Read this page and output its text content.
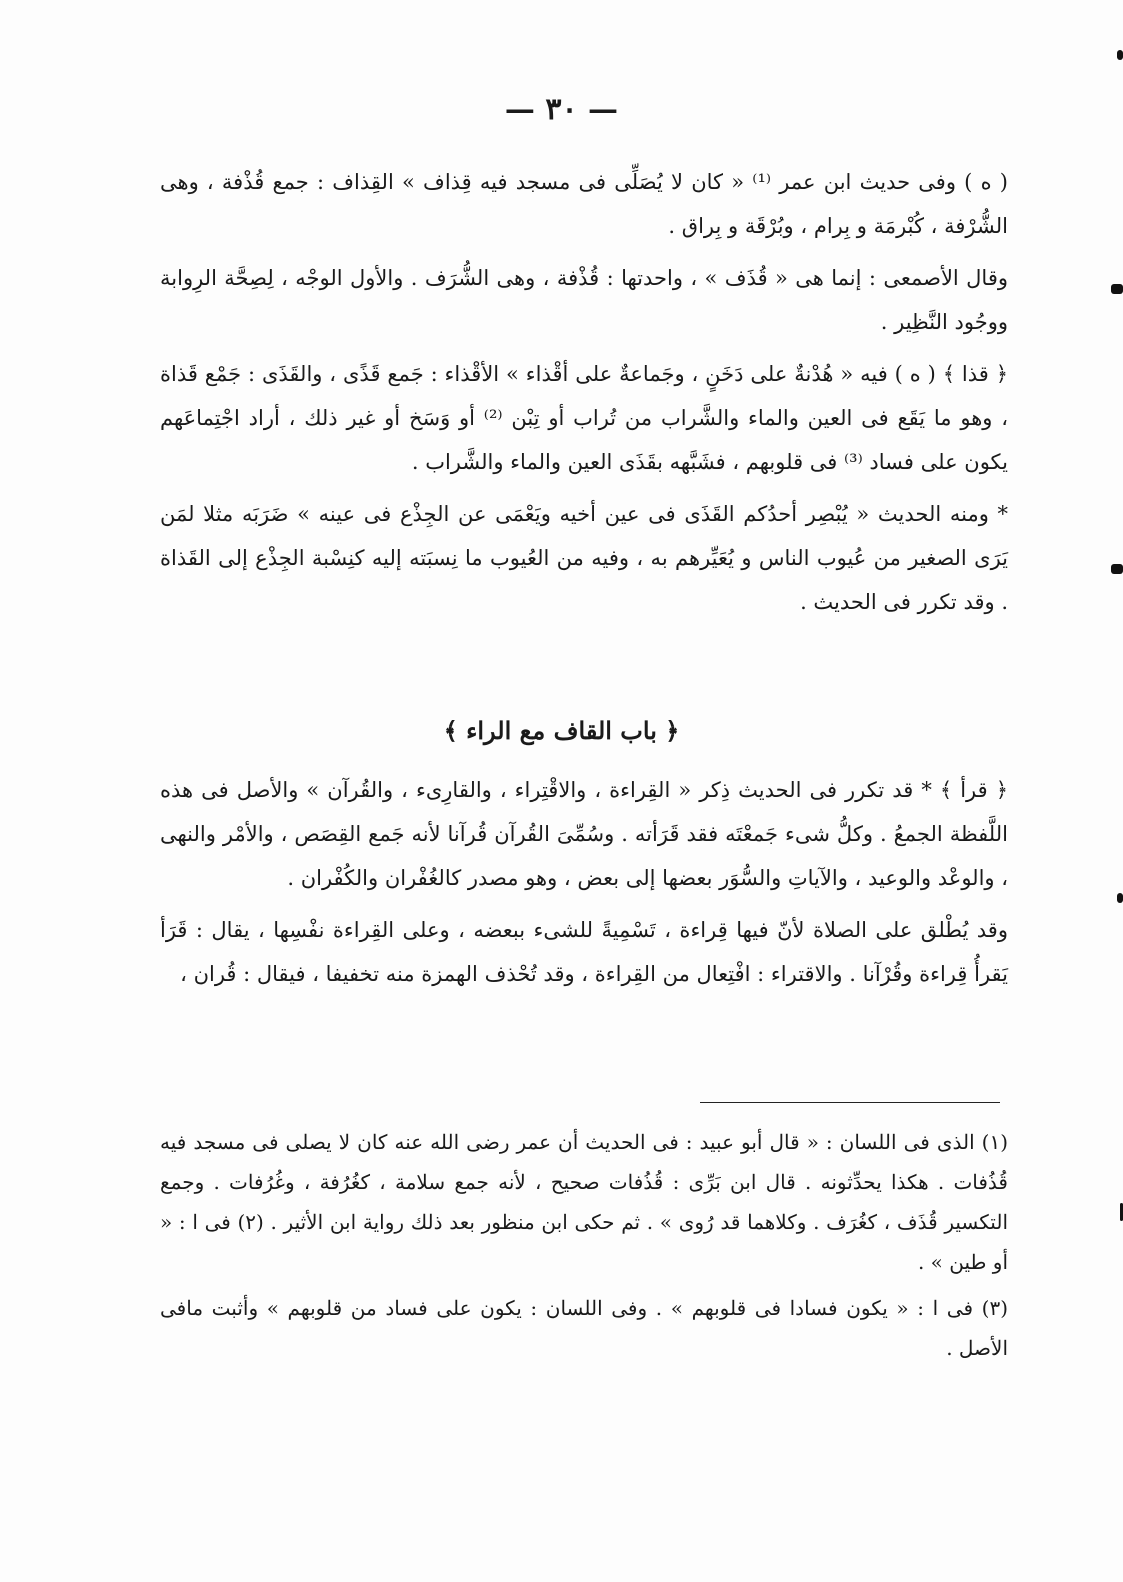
— ٣٠ —

( ه ) وفى حديث ابن عمر ⁽¹⁾ « كان لا يُصَلِّى فى مسجد فيه قِذاف » القِذاف : جمع قُذْفة ، وهى الشُّرْفة ، كُبْرمَة و بِرام ، وبُرْقَة و بِراق .

وقال الأصمعى : إنما هى « قُذَف » ، واحدتها : قُذْفة ، وهى الشُّرَف . والأول الوجْه ، لِصِحَّة الرِوابة ووجُود النَّظِير .

﴿ قذا ﴾ ( ه ) فيه « هُدْنةٌ على دَخَنٍ ، وجَماعةٌ على أقْذاء » الأقْذاء : جَمع قَذًى ، والقَذَى : جَمْع قَذاة ، وهو ما يَقَع فى العين والماء والشَّراب من تُراب أو تِبْن ⁽²⁾ أو وَسَخ أو غير ذلك ، أراد اجْتِماعَهم يكون على فساد ⁽³⁾ فى قلوبهم ، فشَبَّهه بقَذَى العين والماء والشَّراب .

* ومنه الحديث « يُبْصِر أحدُكم القَذَى فى عين أخيه ويَعْمَى عن الجِذْع فى عينه » ضَرَبَه مثلا لمَن يَرَى الصغير من عُيوب الناس و يُعَيِّرهم به ، وفيه من العُيوب ما نِسبَته إليه كنِسْبة الجِذْع إلى القَذاة . وقد تكرر فى الحديث .

﴿ باب القاف مع الراء ﴾

﴿ قرأ ﴾ * قد تكرر فى الحديث ذِكر « القِراءة ، والاقْتِراء ، والقارِىء ، والقُرآن » والأصل فى هذه اللَّفظة الجمعُ . وكلُّ شىء جَمعْتَه فقد قَرَأته . وسُمِّىَ القُرآن قُرآنا لأنه جَمع القِصَص ، والأمْر والنهى ، والوعْد والوعيد ، والآياتِ والسُّوَر بعضها إلى بعض ، وهو مصدر كالغُفْران والكُفْران .

وقد يُطْلق على الصلاة لأنّ فيها قِراءة ، تَسْمِيةً للشىء ببعضه ، وعلى القِراءة نفْسِها ، يقال : قَرَأ يَقرأُ قِراءة وقُرْآنا . والاقتراء : افْتِعال من القِراءة ، وقد تُحْذف الهمزة منه تخفيفا ، فيقال : قُران ،

(١) الذى فى اللسان : « قال أبو عبيد : فى الحديث أن عمر رضى الله عنه كان لا يصلى فى مسجد فيه قُذُفات . هكذا يحدِّثونه . قال ابن بَرِّى : قُذُفات صحيح ، لأنه جمع سلامة ، كغُرُفة ، وغُرُفات . وجمع التكسير قُذَف ، كغُرَف . وكلاهما قد رُوى » . ثم حكى ابن منظور بعد ذلك رواية ابن الأثير . (٢) فى ا : « أو طين » .

(٣) فى ا : « يكون فسادا فى قلوبهم » . وفى اللسان : يكون على فساد من قلوبهم » وأثبت مافى الأصل .
